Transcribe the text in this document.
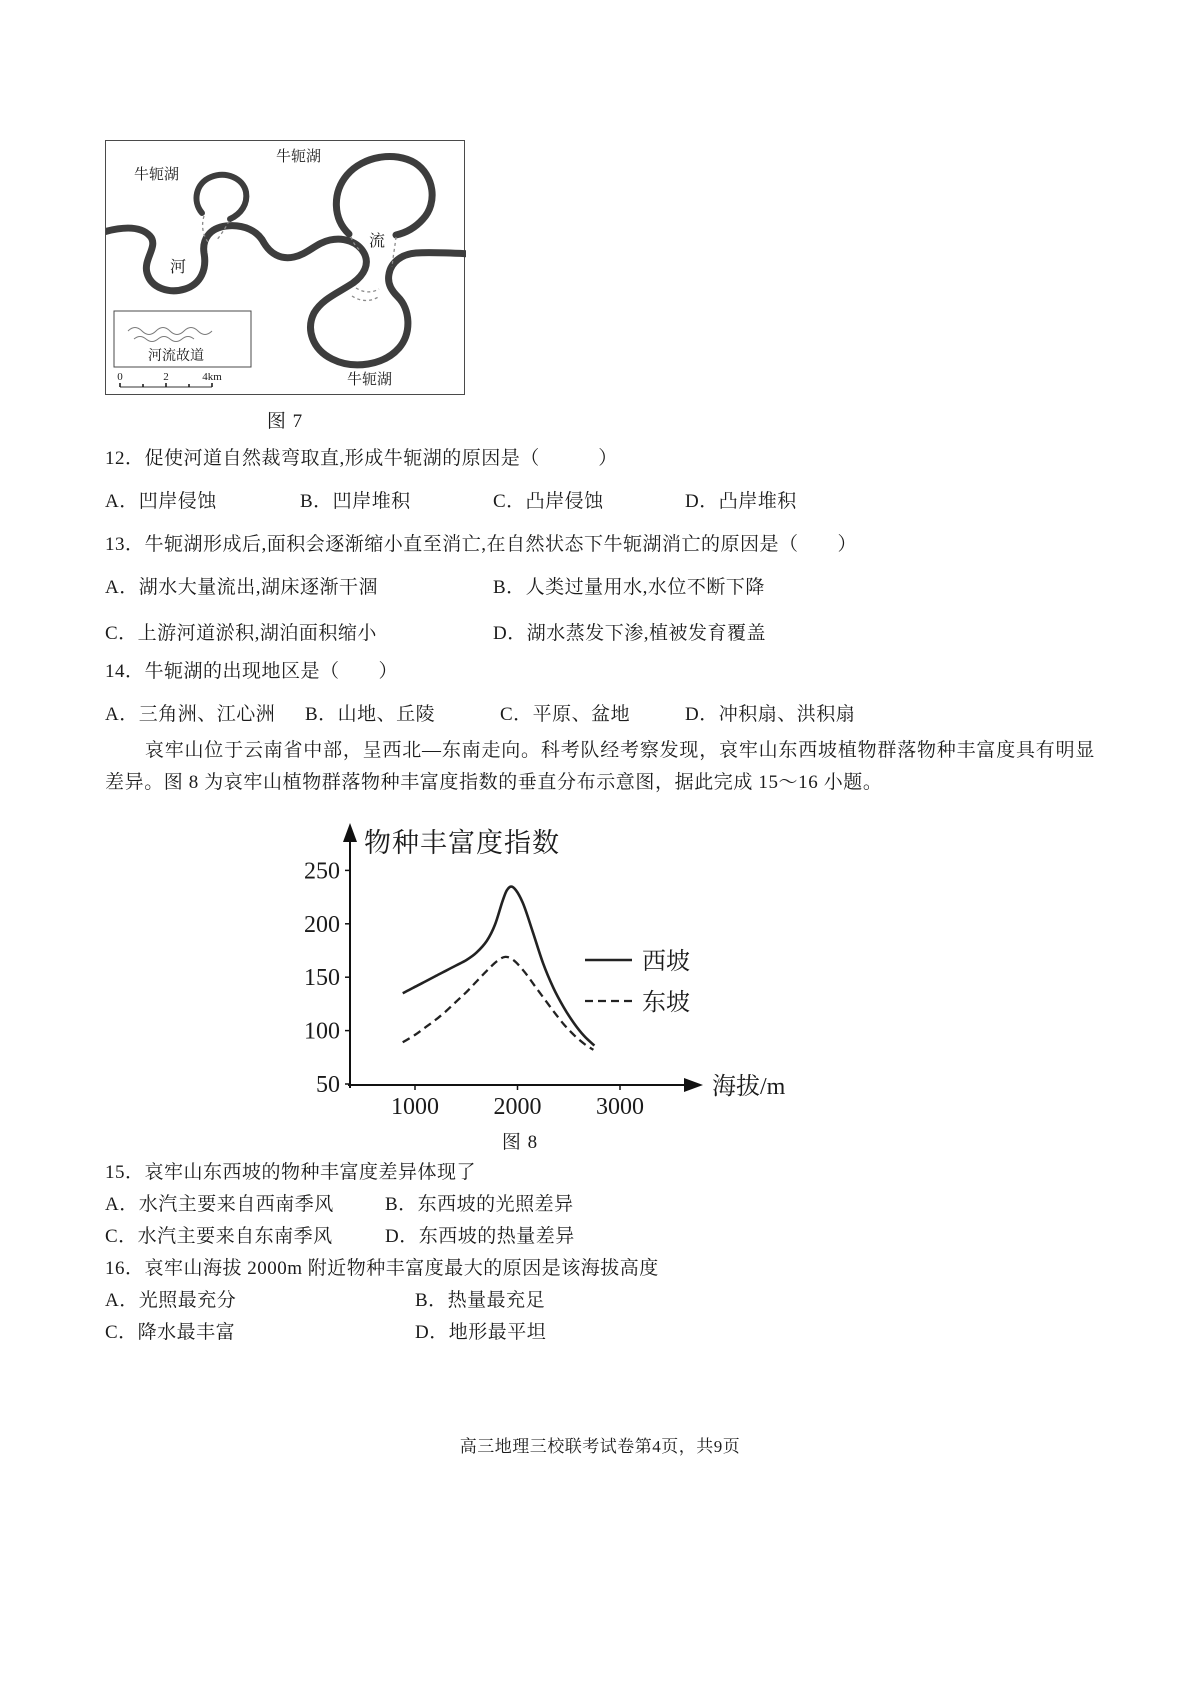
牛轭湖
牛轭湖
河
流
牛轭湖
河流故道
0	2	4km
图 7
12．促使河道自然裁弯取直,形成牛轭湖的原因是（　　　）
A．凹岸侵蚀	B．凹岸堆积	C．凸岸侵蚀	D．凸岸堆积
13．牛轭湖形成后,面积会逐渐缩小直至消亡,在自然状态下牛轭湖消亡的原因是（　　）
A．湖水大量流出,湖床逐渐干涸	B．人类过量用水,水位不断下降
C．上游河道淤积,湖泊面积缩小	D．湖水蒸发下渗,植被发育覆盖
14．牛轭湖的出现地区是（　　）
A．三角洲、江心洲 B．山地、丘陵	C．平原、盆地	D．冲积扇、洪积扇
哀牢山位于云南省中部，呈西北—东南走向。科考队经考察发现，哀牢山东西坡植物群落物种丰富度具有明显差异。图 8 为哀牢山植物群落物种丰富度指数的垂直分布示意图，据此完成 15～16 小题。
物种丰富度指数
海拔/m
西坡
东坡
1000 2000 3000
50
100
150
200
250
图 8
15．哀牢山东西坡的物种丰富度差异体现了
A．水汽主要来自西南季风	B．东西坡的光照差异
C．水汽主要来自东南季风	D．东西坡的热量差异
16．哀牢山海拔 2000m 附近物种丰富度最大的原因是该海拔高度
A．光照最充分	B．热量最充足
C．降水最丰富	D．地形最平坦
高三地理三校联考试卷第4页，共9页
